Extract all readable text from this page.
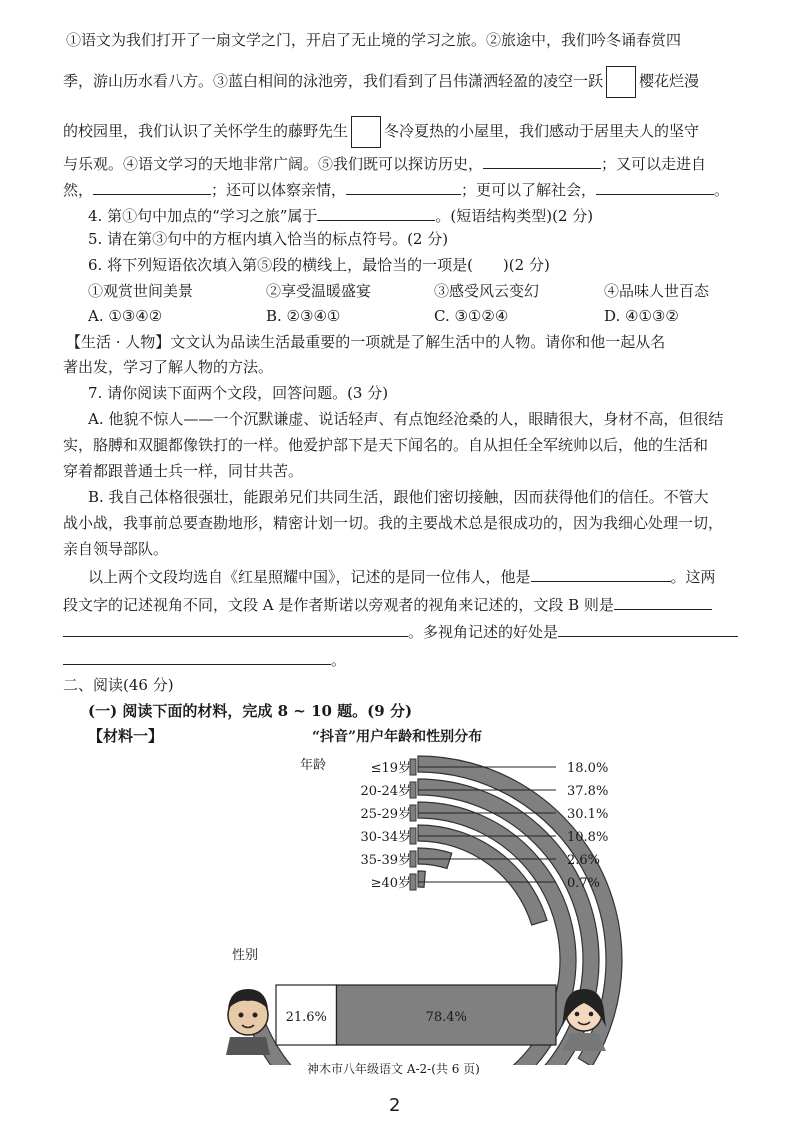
①语文为我们打开了一扇文学之门，开启了无止境的学习之旅。②旅途中，我们吟冬诵春赏四
季，游山历水看八方。③蓝白相间的泳池旁，我们看到了吕伟潇洒轻盈的凌空一跃 樱花烂漫
的校园里，我们认识了关怀学生的藤野先生 冬冷夏热的小屋里，我们感动于居里夫人的坚守
与乐观。④语文学习的天地非常广阔。⑤我们既可以探访历史，	；又可以走进自
然，	；还可以体察亲情，	；更可以了解社会，	。
4. 第①句中加点的“学习之旅”属于	。(短语结构类型)(2 分)
5. 请在第③句中的方框内填入恰当的标点符号。(2 分)
6. 将下列短语依次填入第⑤段的横线上，最恰当的一项是(　　)(2 分)
①观赏世间美景	②享受温暖盛宴	③感受风云变幻	④品味人世百态
A. ①③④②	B. ②③④①	C. ③①②④	D. ④①③②
【生活 · 人物】文文认为品读生活最重要的一项就是了解生活中的人物。请你和他一起从名
著出发，学习了解人物的方法。
7. 请你阅读下面两个文段，回答问题。(3 分)
A. 他貌不惊人——一个沉默谦虚、说话轻声、有点饱经沧桑的人，眼睛很大，身材不高，但很结
实，胳膊和双腿都像铁打的一样。他爱护部下是天下闻名的。自从担任全军统帅以后，他的生活和
穿着都跟普通士兵一样，同甘共苦。
B. 我自己体格很强壮，能跟弟兄们共同生活，跟他们密切接触，因而获得他们的信任。不管大
战小战，我事前总要查勘地形，精密计划一切。我的主要战术总是很成功的，因为我细心处理一切，
亲自领导部队。
以上两个文段均选自《红星照耀中国》，记述的是同一位伟人，他是	。这两
段文字的记述视角不同，文段 A 是作者斯诺以旁观者的视角来记述的，文段 B 则是
。多视角记述的好处是
。
二、阅读(46 分)
(一) 阅读下面的材料，完成 8 ~ 10 题。(9 分)
【材料一】	“抖音”用户年龄和性别分布
年龄	≤19岁	18.0%
20-24岁	37.8%
25-29岁	30.1%
30-34岁	10.8%
35-39岁	2.6%
≥40岁	0.7%
性别
21.6%	78.4%
神木市八年级语文 A-2-(共 6 页)
2
